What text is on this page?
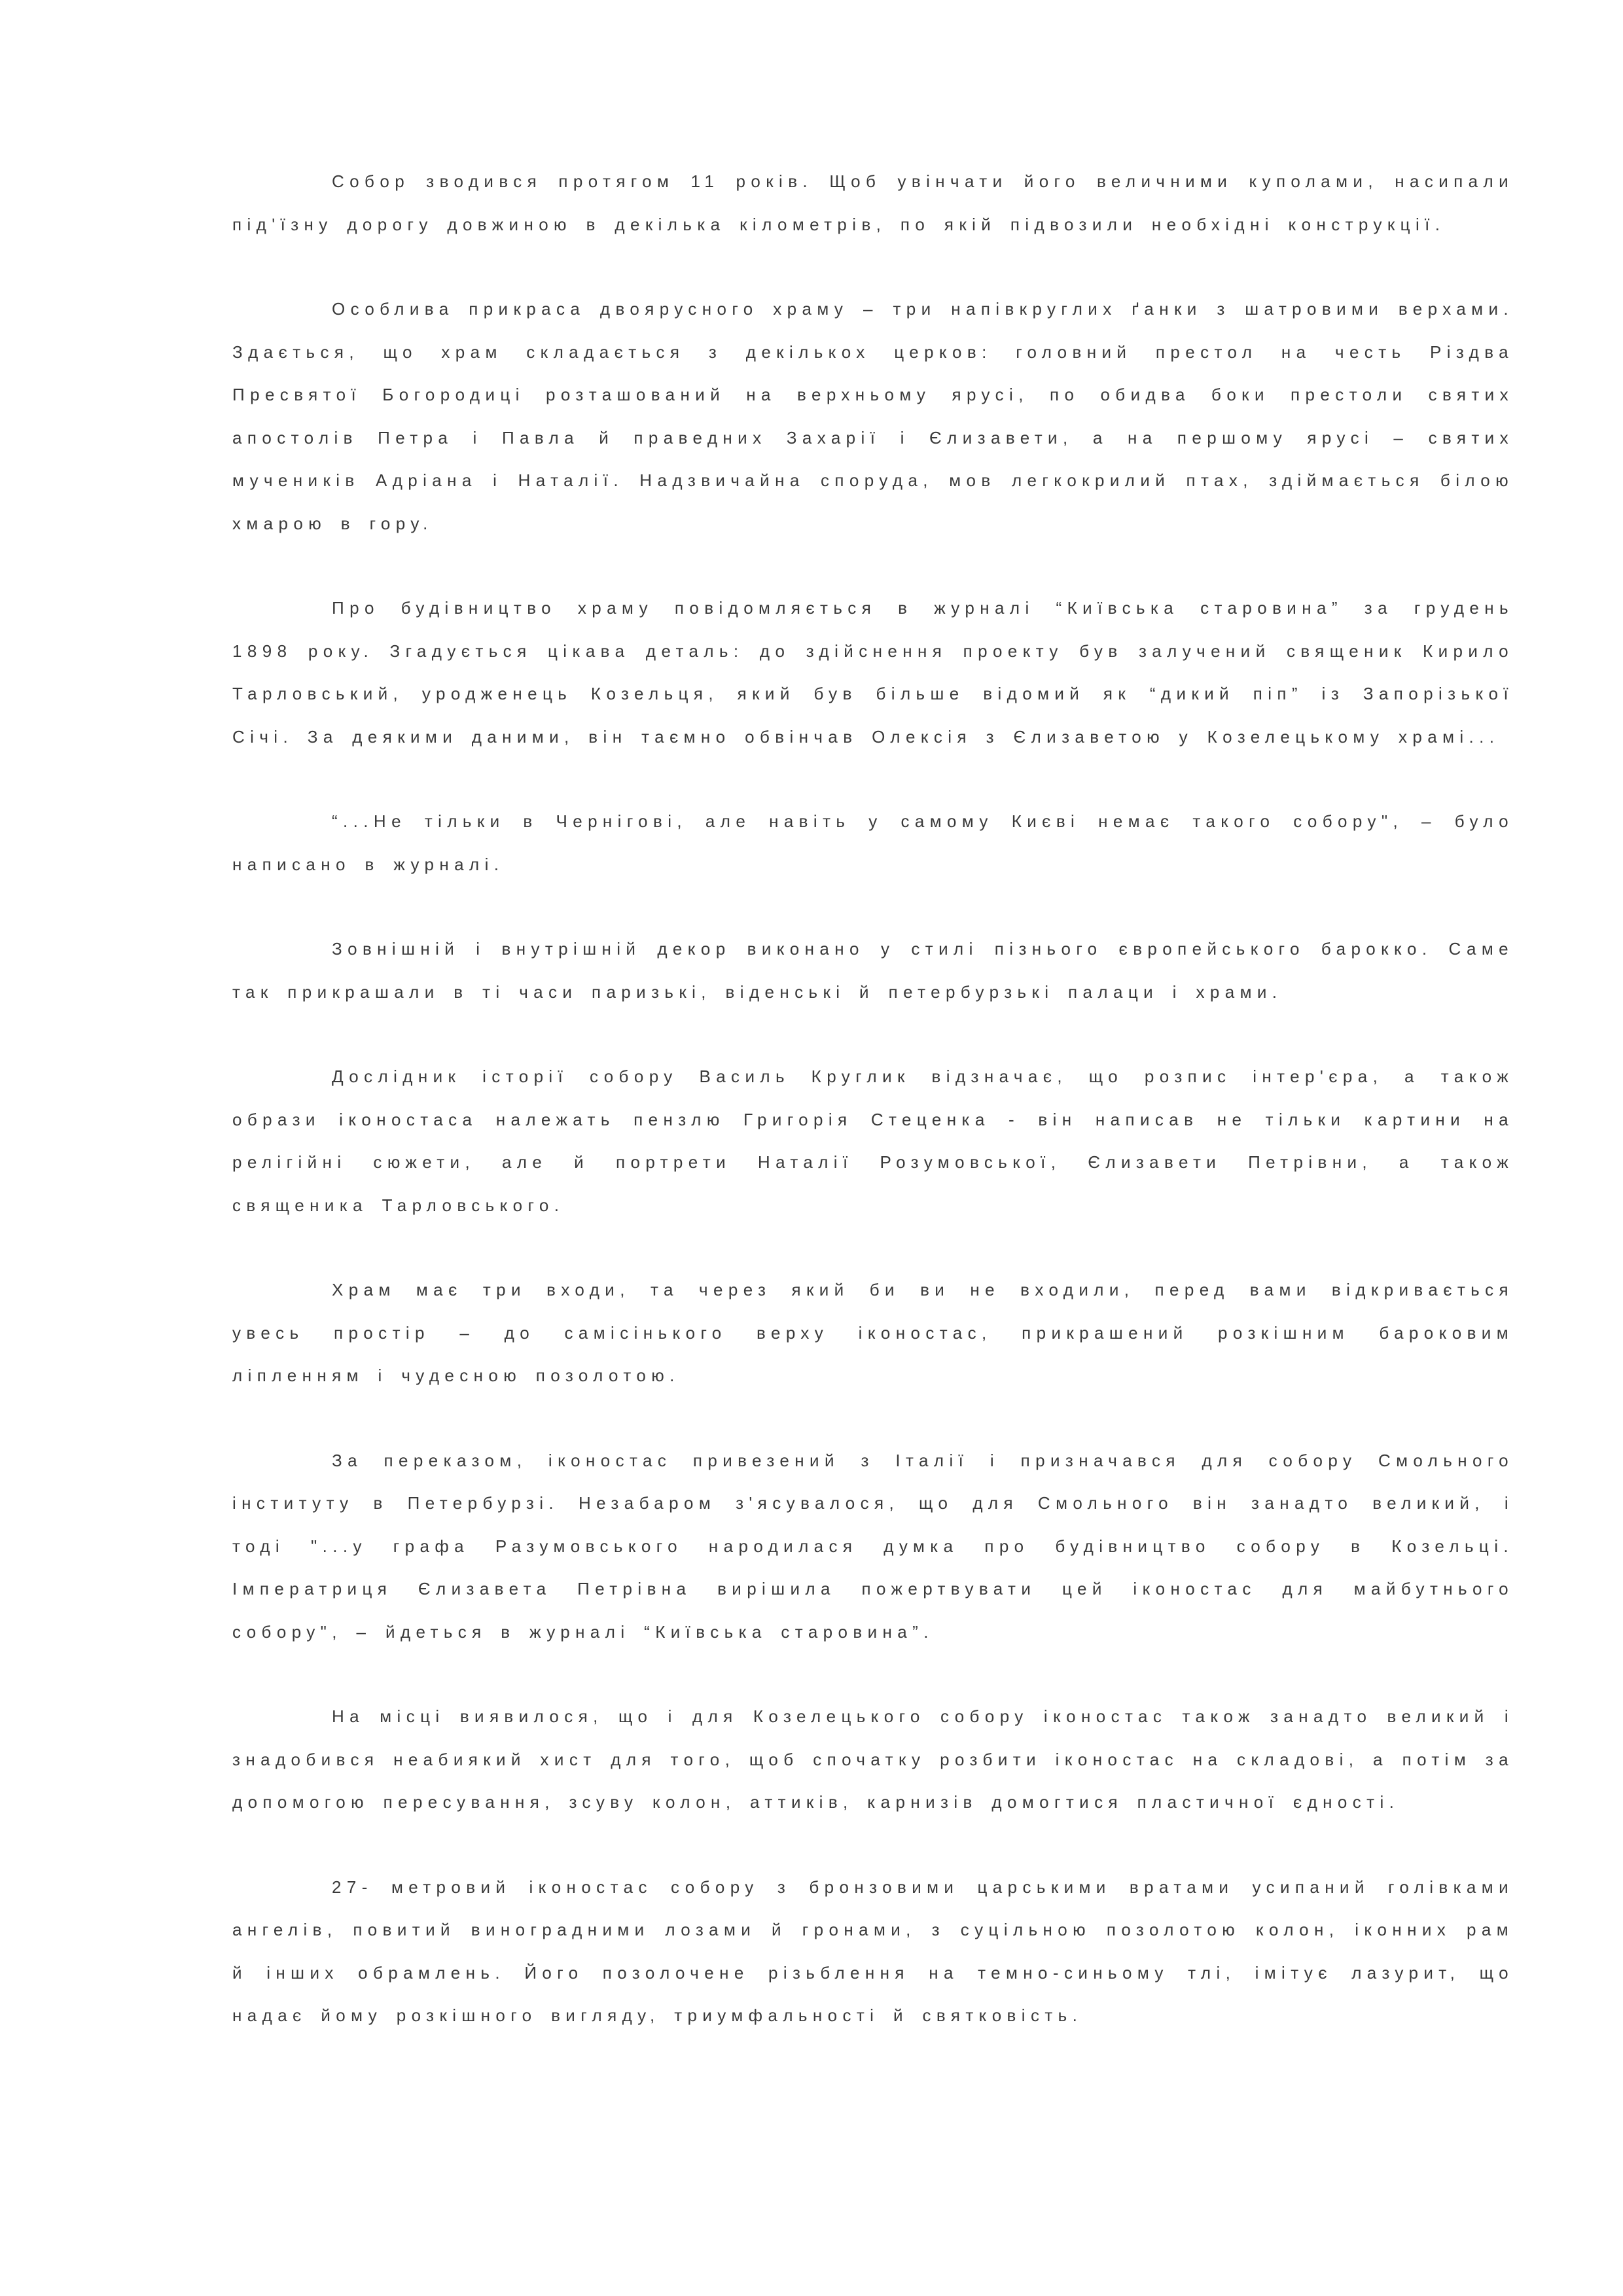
Собор зводився протягом 11 років. Щоб увінчати його величними куполами, насипали під'їзну дорогу довжиною в декілька кілометрів, по якій підвозили необхідні конструкції.

Особлива прикраса двоярусного храму – три напівкруглих ґанки з шатровими верхами. Здається, що храм складається з декількох церков: головний престол на честь Різдва Пресвятої Богородиці розташований на верхньому ярусі, по обидва боки престоли святих апостолів Петра і Павла й праведних Захарії і Єлизавети, а на першому ярусі – святих мучеників Адріана і Наталії. Надзвичайна споруда, мов легкокрилий птах, здіймається білою хмарою в гору.

Про будівництво храму повідомляється в журналі “Київська старовина” за грудень 1898 року. Згадується цікава деталь: до здійснення проекту був залучений священик Кирило Тарловський, уродженець Козельця, який був більше відомий як “дикий піп” із Запорізької Січі. За деякими даними, він таємно обвінчав Олексія з Єлизаветою у Козелецькому храмі...

“...Не тільки в Чернігові, але навіть у самому Києві немає такого собору", – було написано в журналі.

Зовнішній і внутрішній декор виконано у стилі пізнього європейського барокко. Саме так прикрашали в ті часи паризькі, віденські й петербурзькі палаци і храми.

Дослідник історії собору Василь Круглик відзначає, що розпис інтер'єра, а також образи іконостаса належать пензлю Григорія Стеценка - він написав не тільки картини на релігійні сюжети, але й портрети Наталії Розумовської, Єлизавети Петрівни, а також священика Тарловського.

Храм має три входи, та через який би ви не входили, перед вами відкривається увесь простір – до самісінького верху іконостас, прикрашений розкішним бароковим ліпленням і чудесною позолотою.

За переказом, іконостас привезений з Італії і призначався для собору Смольного інституту в Петербурзі. Незабаром з'ясувалося, що для Смольного він занадто великий, і тоді "...у графа Разумовського народилася думка про будівництво собору в Козельці. Імператриця Єлизавета Петрівна вирішила пожертвувати цей іконостас для майбутнього собору", – йдеться в журналі “Київська старовина”.

На місці виявилося, що і для Козелецького собору іконостас також занадто великий і знадобився неабиякий хист для того, щоб спочатку розбити іконостас на складові, а потім за допомогою пересування, зсуву колон, аттиків, карнизів домогтися пластичної єдності.

27- метровий іконостас собору з бронзовими царськими вратами усипаний голівками ангелів, повитий виноградними лозами й гронами, з суцільною позолотою колон, іконних рам й інших обрамлень. Його позолочене різьблення на темно-синьому тлі, імітує лазурит, що надає йому розкішного вигляду, триумфальності й святковість.
